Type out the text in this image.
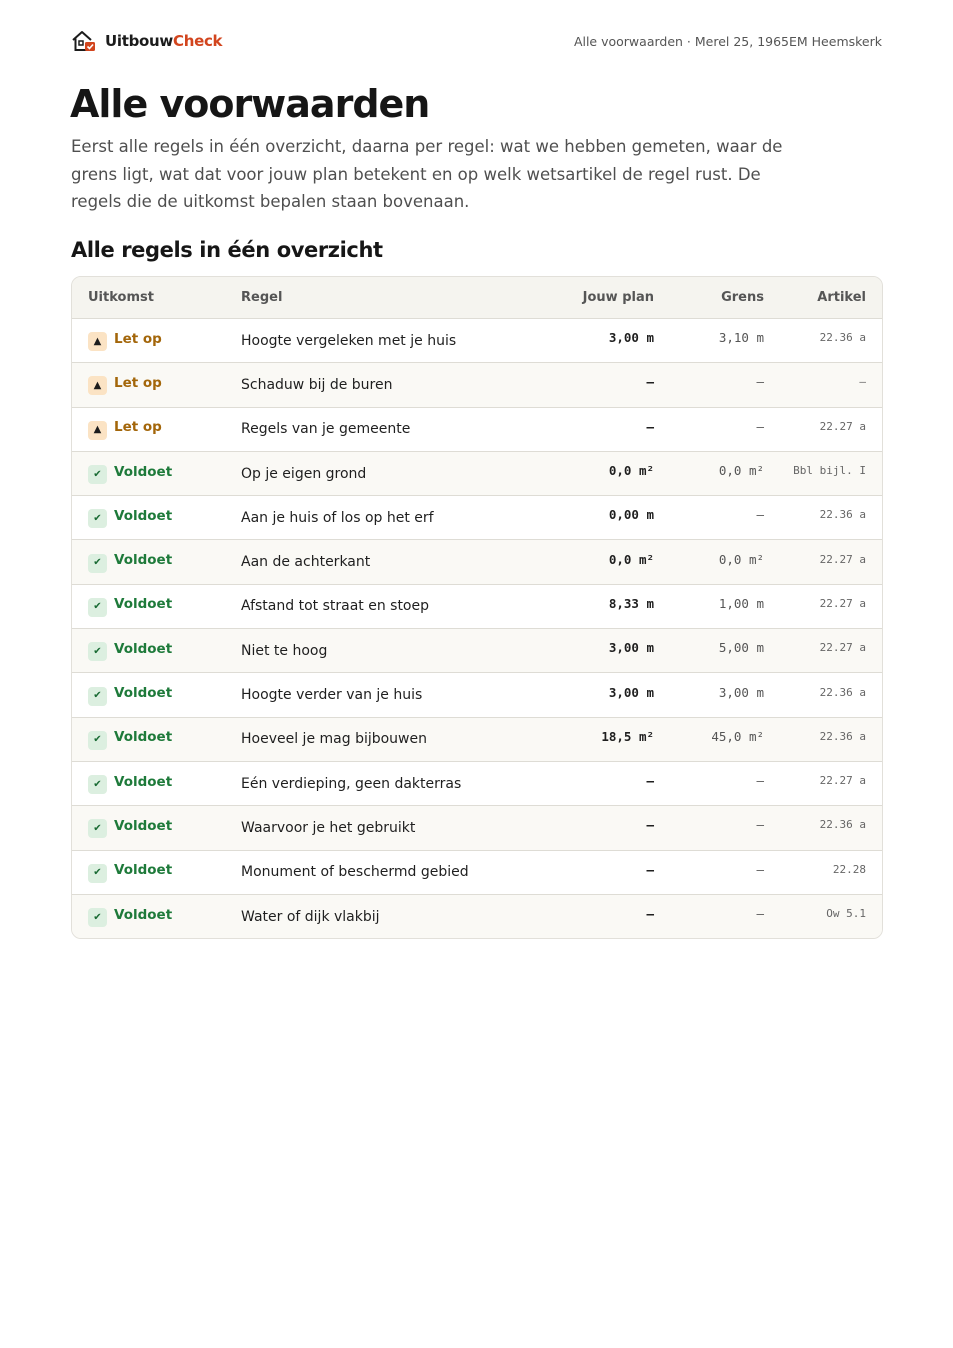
UitbouwCheck	Alle voorwaarden · Merel 25, 1965EM Heemskerk
Alle voorwaarden

Eerst alle regels in één overzicht, daarna per regel: wat we hebben gemeten, waar de grens ligt, wat dat voor jouw plan betekent en op welk wetsartikel de regel rust. De regels die de uitkomst bepalen staan bovenaan.

Alle regels in één overzicht
Uitkomst	Regel	Jouw plan	Grens	Artikel
▲ Let op	Hoogte vergeleken met je huis	3,00 m	3,10 m	22.36 a
▲ Let op	Schaduw bij de buren	–	–	–
▲ Let op	Regels van je gemeente	–	–	22.27 a
✔ Voldoet	Op je eigen grond	0,0 m²	0,0 m²	Bbl bijl. I
✔ Voldoet	Aan je huis of los op het erf	0,00 m	–	22.36 a
✔ Voldoet	Aan de achterkant	0,0 m²	0,0 m²	22.27 a
✔ Voldoet	Afstand tot straat en stoep	8,33 m	1,00 m	22.27 a
✔ Voldoet	Niet te hoog	3,00 m	5,00 m	22.27 a
✔ Voldoet	Hoogte verder van je huis	3,00 m	3,00 m	22.36 a
✔ Voldoet	Hoeveel je mag bijbouwen	18,5 m²	45,0 m²	22.36 a
✔ Voldoet	Eén verdieping, geen dakterras	–	–	22.27 a
✔ Voldoet	Waarvoor je het gebruikt	–	–	22.36 a
✔ Voldoet	Monument of beschermd gebied	–	–	22.28
✔ Voldoet	Water of dijk vlakbij	–	–	Ow 5.1
